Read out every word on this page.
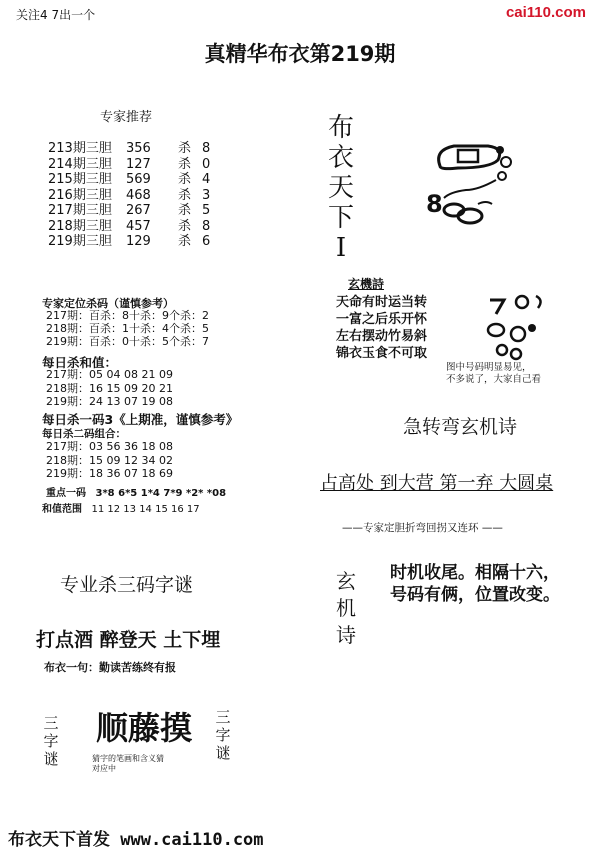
关注4 7出一个	cai110.com
真精华布衣第219期
专家推荐
213期三胆 356 杀 8
214期三胆 127 杀 0
215期三胆 569 杀 4
216期三胆 468 杀 3
217期三胆 267 杀 5
218期三胆 457 杀 8
219期三胆 129 杀 6
布
衣
天
下
I
8
专家定位杀码（谨慎参考）
217期：百杀：8十杀：9个杀：2
218期：百杀：1十杀：4个杀：5
219期：百杀：0十杀：5个杀：7
每日杀和值：
217期：05 04 08 21 09
218期：16 15 09 20 21
219期：24 13 07 19 08
每日杀一码3《上期准，谨慎参考》
每日杀二码组合：
217期：03 56 36 18 08
218期：15 09 12 34 02
219期：18 36 07 18 69
重点一码 3*8 6*5 1*4 7*9 *2* *08
和值范围 11 12 13 14 15 16 17
玄機詩
天命有时运当转
一富之后乐开怀
左右摆动竹易斜
锦衣玉食不可取
图中号码明显易见，
不多说了，大家自己看
急转弯玄机诗
占高处 到大营 第一弃 大圆桌
——专家定胆折弯回拐又连环 ——
玄
机
诗
时机收尾。相隔十六，
号码有俩，位置改变。
专业杀三码字谜
打点酒 醉登天 土下埋
布衣一句：勤读苦练终有报
三
字
谜
顺藤摸
猜字的笔画和含义猜
对应中
三
字
谜
布衣天下首发 www.cai110.com
